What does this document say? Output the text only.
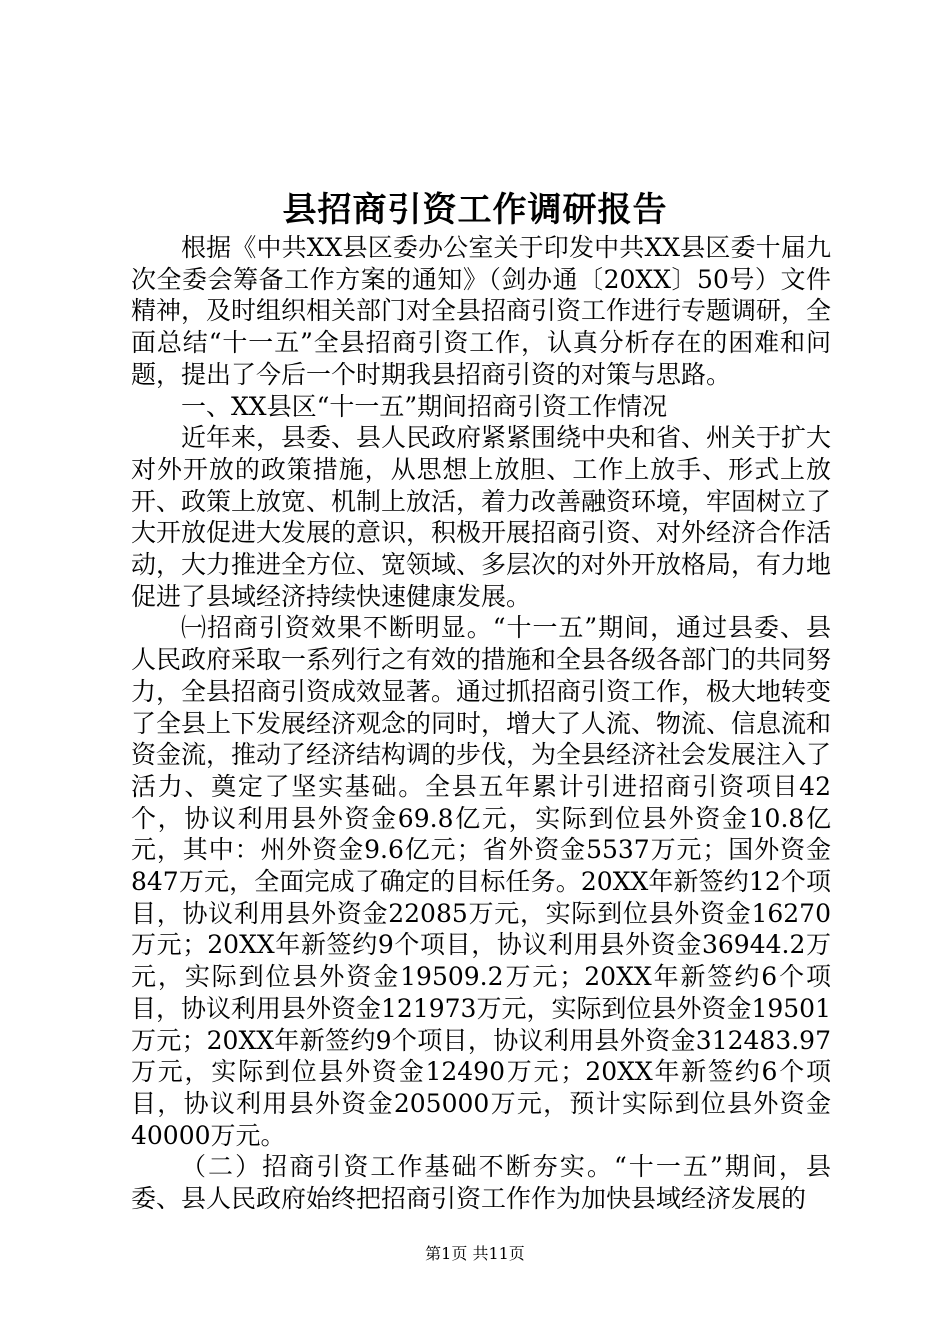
县招商引资工作调研报告

根据《中共XX县区委办公室关于印发中共XX县区委十届九次全委会筹备工作方案的通知》（剑办通〔20XX〕50号）文件精神，及时组织相关部门对全县招商引资工作进行专题调研，全面总结“十一五”全县招商引资工作，认真分析存在的困难和问题，提出了今后一个时期我县招商引资的对策与思路。

一、XX县区“十一五”期间招商引资工作情况

近年来，县委、县人民政府紧紧围绕中央和省、州关于扩大对外开放的政策措施，从思想上放胆、工作上放手、形式上放开、政策上放宽、机制上放活，着力改善融资环境，牢固树立了大开放促进大发展的意识，积极开展招商引资、对外经济合作活动，大力推进全方位、宽领域、多层次的对外开放格局，有力地促进了县域经济持续快速健康发展。

㈠招商引资效果不断明显。“十一五”期间，通过县委、县人民政府采取一系列行之有效的措施和全县各级各部门的共同努力，全县招商引资成效显著。通过抓招商引资工作，极大地转变了全县上下发展经济观念的同时，增大了人流、物流、信息流和资金流，推动了经济结构调的步伐，为全县经济社会发展注入了活力、奠定了坚实基础。全县五年累计引进招商引资项目42个，协议利用县外资金69.8亿元，实际到位县外资金10.8亿元，其中：州外资金9.6亿元；省外资金5537万元；国外资金847万元，全面完成了确定的目标任务。20XX年新签约12个项目，协议利用县外资金22085万元，实际到位县外资金16270万元；20XX年新签约9个项目，协议利用县外资金36944.2万元，实际到位县外资金19509.2万元；20XX年新签约6个项目，协议利用县外资金121973万元，实际到位县外资金19501万元；20XX年新签约9个项目，协议利用县外资金312483.97万元，实际到位县外资金12490万元；20XX年新签约6个项目，协议利用县外资金205000万元，预计实际到位县外资金40000万元。

（二）招商引资工作基础不断夯实。“十一五”期间，县委、县人民政府始终把招商引资工作作为加快县域经济发展的

第1页 共11页
